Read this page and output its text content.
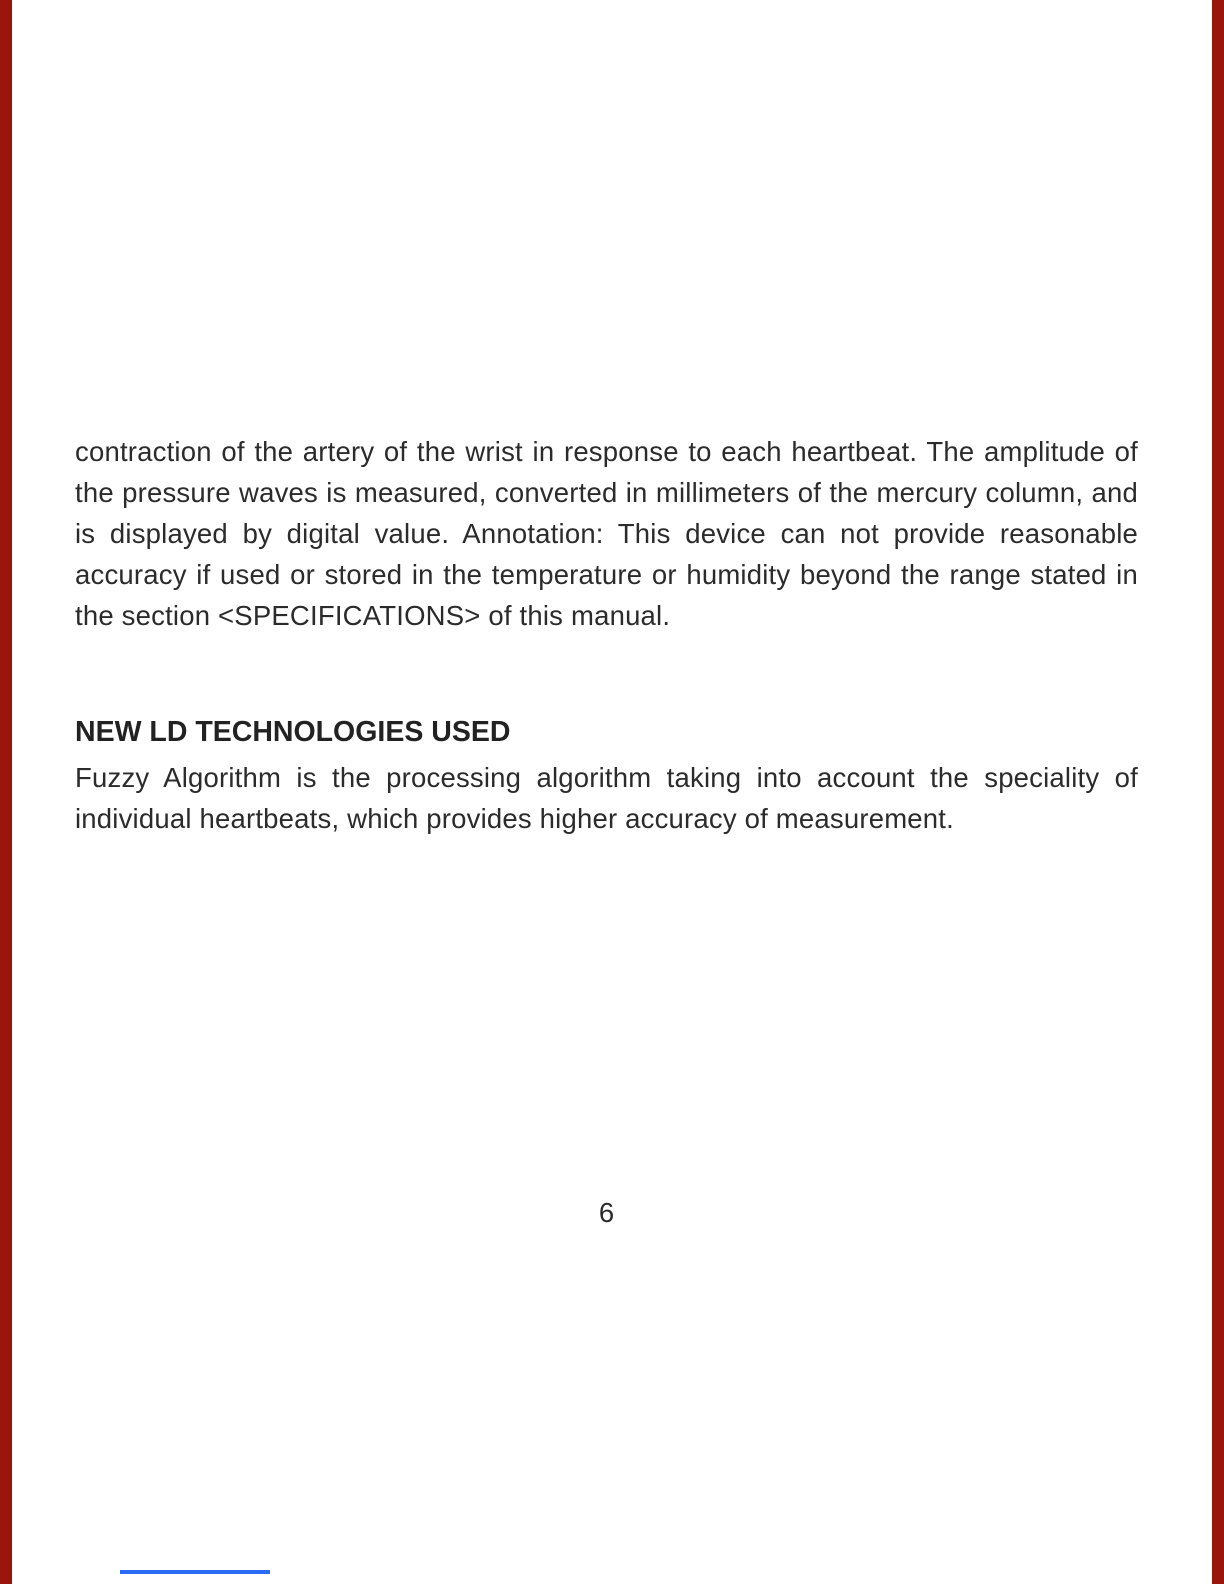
contraction of the artery of the wrist in response to each heartbeat. The amplitude of the pressure waves is measured, converted in millimeters of the mercury column, and is displayed by digital value. Annotation: This device can not provide reasonable accuracy if used or stored in the temperature or humidity beyond the range stated in the section <SPECIFICATIONS> of this manual.

NEW LD TECHNOLOGIES USED

Fuzzy Algorithm is the processing algorithm taking into account the speciality of individual heartbeats, which provides higher accuracy of measurement.

6
